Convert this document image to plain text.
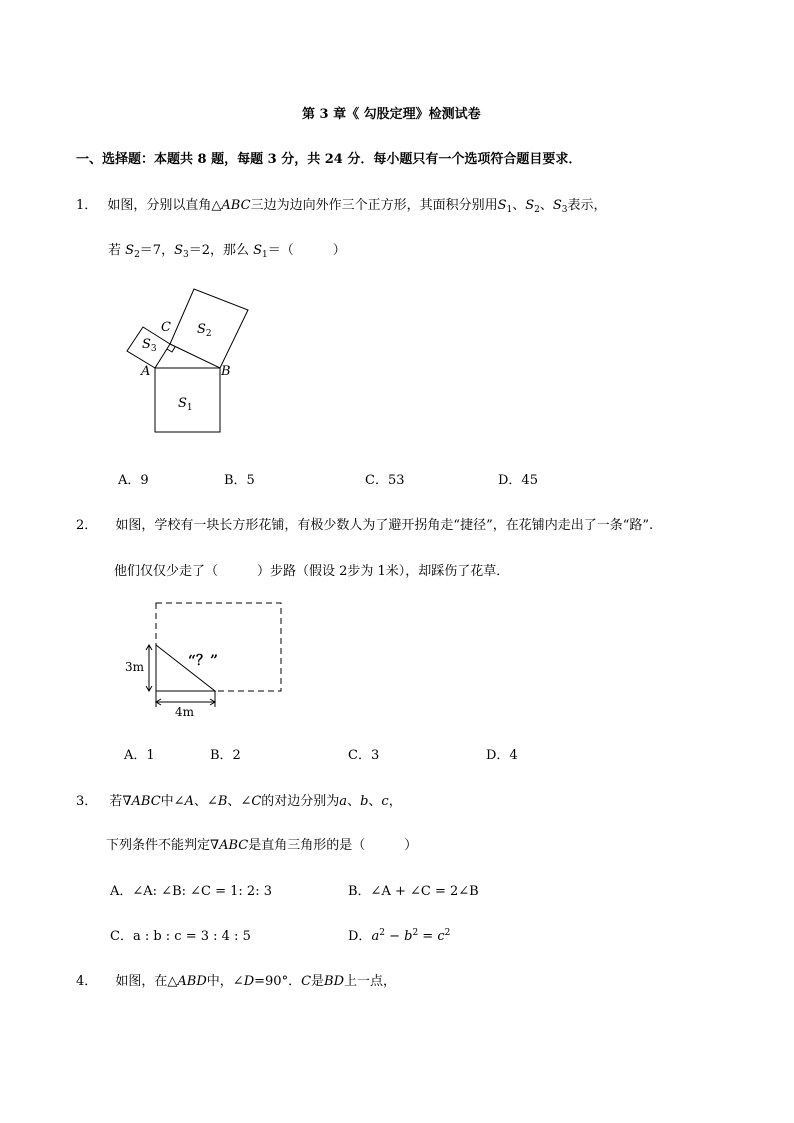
第 3 章《 勾股定理》检测试卷
一、选择题：本题共 8 题，每题 3 分，共 24 分．每小题只有一个选项符合题目要求．
1． 如图，分别以直角△ABC三边为边向外作三个正方形，其面积分别用$S_1$、$S_2$、$S_3$表示，
若 $S_2=7$，$S_3=2$，那么 $S_1=$（　　　）
C
A	B
$S_1$
$S_2$
$S_3$
A．9	B．5	C．53	D．45
2． 如图，学校有一块长方形花铺，有极少数人为了避开拐角走“捷径”，在花铺内走出了一条“路”.
他们仅仅少走了（　　　）步路（假设 2步为 1米），却踩伤了花草．
3m
4m
“？”
A．1	B．2	C．3	D．4
3． 若∇ABC中∠A、∠B、∠C的对边分别为a、b、c，
下列条件不能判定∇ABC是直角三角形的是（　　　）
A．∠A: ∠B: ∠C = 1: 2: 3	B．∠A + ∠C = 2∠B
C．a : b : c = 3 : 4 : 5	D．$a^2 - b^2 = c^2$
4． 如图，在△ABD中，∠D=90°．C是BD上一点，
